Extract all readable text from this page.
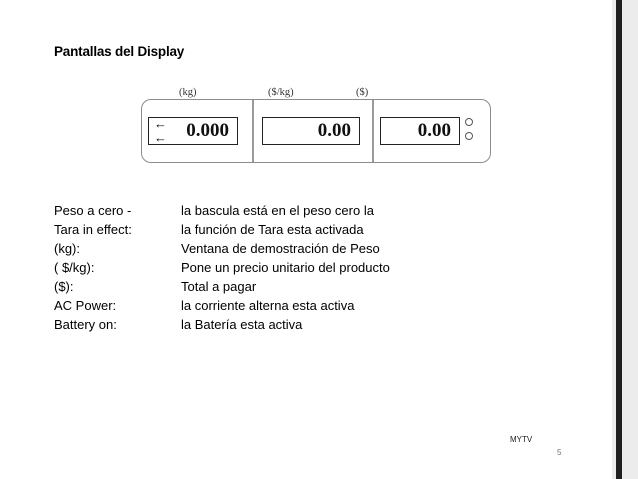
Pantallas del Display
(kg)	($/kg)	($)
←
←	0.000	0.00	0.00
Peso a cero -	la bascula está en el peso cero la
Tara in effect:	la función de Tara esta activada
(kg):	Ventana de demostración de Peso
( $/kg):	Pone un precio unitario del producto
($):	Total a pagar
AC Power:	la corriente alterna esta activa
Battery on:	la Batería esta activa
MYTV
5
